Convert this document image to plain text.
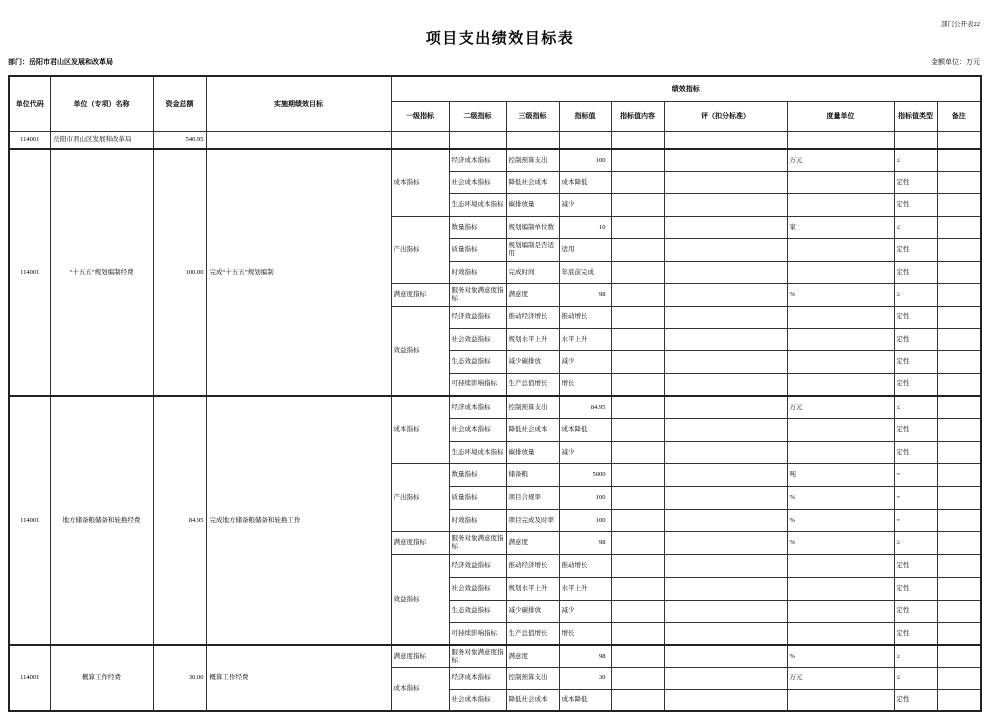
部门公开表22
项目支出绩效目标表
部门：岳阳市君山区发展和改革局	金额单位：万元
单位代码	单位（专项）名称	资金总额	实施期绩效目标	绩效指标								
				一级指标	二级指标	三级指标	指标值	指标值内容	评（扣分标准）	度量单位	指标值类型	备注
114001	岳阳市君山区发展和改革局	540.95										
114001	“十五五”规划编制经费	100.00	完成“十五五”规划编制	成本指标	经济成本指标	控制预算支出	100			万元	≤	
					社会成本指标	降低社会成本	成本降低				定性	
					生态环境成本指标	碳排放量	减少				定性	
				产出指标	数量指标	规划编制单位数	10			家	≤	
					质量指标	规划编制是否适用	适用				定性	
					时效指标	完成时间	年底前完成				定性	
				满意度指标	服务对象满意度指标	满意度	98			%	≥	
				效益指标	经济效益指标	推动经济增长	推动增长				定性	
					社会效益指标	规划水平上升	水平上升				定性	
					生态效益指标	减少碳排放	减少				定性	
					可持续影响指标	生产总值增长	增长				定性	
114001	地方储备粮储备和轮换经费	84.95	完成地方储备粮储备和轮换工作	成本指标	经济成本指标	控制预算支出	84.95			万元	≤	
					社会成本指标	降低社会成本	成本降低				定性	
					生态环境成本指标	碳排放量	减少				定性	
				产出指标	数量指标	储备粮	5000			吨	=	
					质量指标	项目合规率	100			%	=	
					时效指标	项目完成及时率	100			%	=	
				满意度指标	服务对象满意度指标	满意度	98			%	≥	
				效益指标	经济效益指标	推动经济增长	推动增长				定性	
					社会效益指标	规划水平上升	水平上升				定性	
					生态效益指标	减少碳排放	减少				定性	
					可持续影响指标	生产总值增长	增长				定性	
114001	概算工作经费	30.00	概算工作经费	满意度指标	服务对象满意度指标	满意度	98			%	≥	
				成本指标	经济成本指标	控制预算支出	30			万元	≤	
					社会成本指标	降低社会成本	成本降低				定性	
